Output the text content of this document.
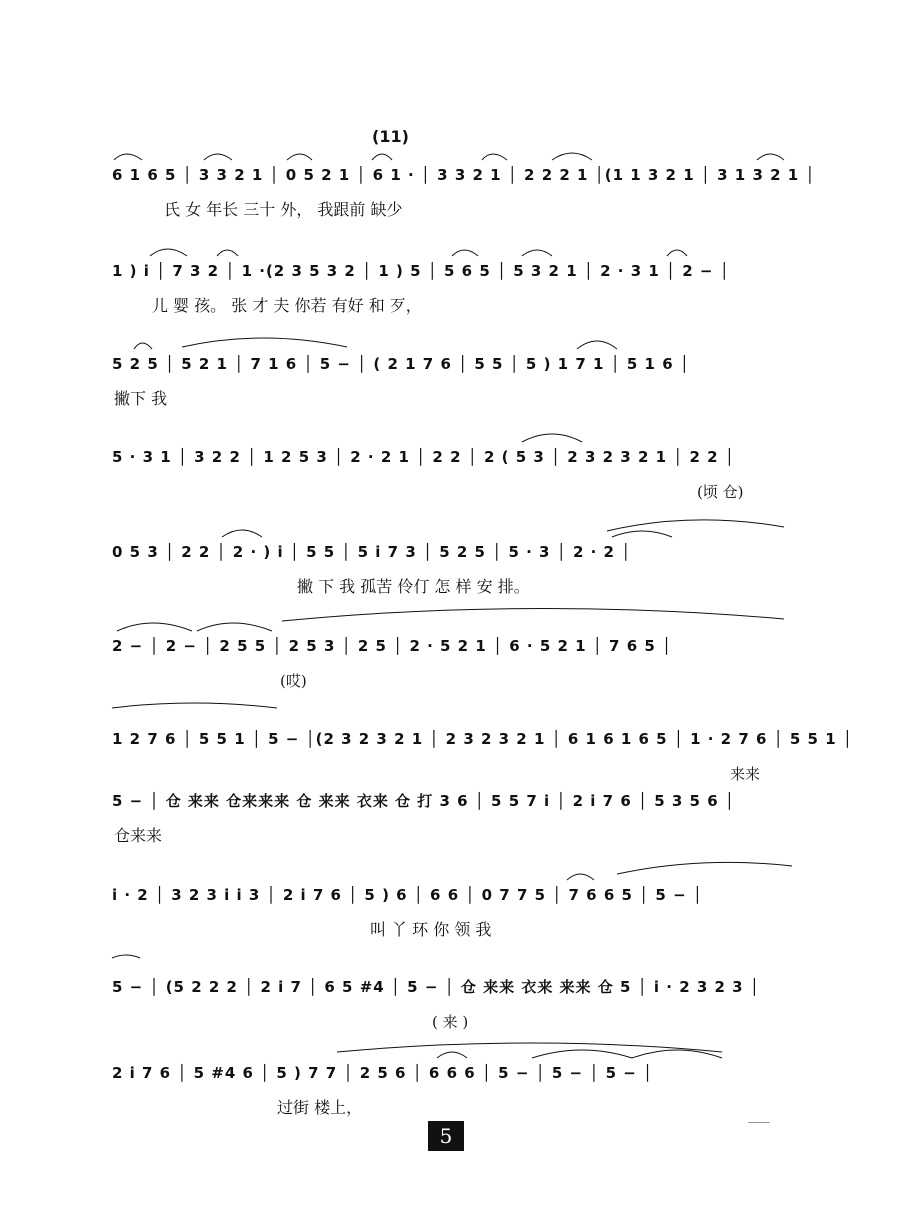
(11)
6 1 6 5 │ 3 3 2 1 │ 0 5 2 1 │ 6 1 · │ 3 3 2 1 │ 2 2 2 1 │(1 1 3 2 1 │ 3 1 3 2 1 │
氏 女 年长 三十 外， 我跟前 缺少
1 ) i │ 7 3 2 │ 1 ·(2 3 5 3 2 │ 1 ) 5 │ 5 6 5 │ 5 3 2 1 │ 2 · 3 1 │ 2 − │
儿 婴 孩。 张 才 夫 你若 有好 和 歹，
5 2 5 │ 5 2 1 │ 7 1 6 │ 5 − │ ( 2 1 7 6 │ 5 5 │ 5 ) 1 7 1 │ 5 1 6 │
撇下 我
5 · 3 1 │ 3 2 2 │ 1 2 5 3 │ 2 · 2 1 │ 2 2 │ 2 ( 5 3 │ 2 3 2 3 2 1 │ 2 2 │
(顷 仓)
0 5 3 │ 2 2 │ 2 · ) i │ 5 5 │ 5 i 7 3 │ 5 2 5 │ 5 · 3 │ 2 · 2 │
撇 下 我 孤苦 伶仃 怎 样 安 排。
2 − │ 2 − │ 2 5 5 │ 2 5 3 │ 2 5 │ 2 · 5 2 1 │ 6 · 5 2 1 │ 7 6 5 │
(哎)
1 2 7 6 │ 5 5 1 │ 5 − │(2 3 2 3 2 1 │ 2 3 2 3 2 1 │ 6 1 6 1 6 5 │ 1 · 2 7 6 │ 5 5 1 │
来来
5 − │ 仓 来来 仓来来来 仓 来来 衣来 仓 打 3 6 │ 5 5 7 i │ 2 i 7 6 │ 5 3 5 6 │
仓来来
i · 2 │ 3 2 3 i i 3 │ 2 i 7 6 │ 5 ) 6 │ 6 6 │ 0 7 7 5 │ 7 6 6 5 │ 5 − │
叫 丫 环 你 领 我
5 − │ (5 2 2 2 │ 2 i 7 │ 6 5 #4 │ 5 − │ 仓 来来 衣来 来来 仓 5 │ i · 2 3 2 3 │
( 来 )
2 i 7 6 │ 5 #4 6 │ 5 ) 7 7 │ 2 5 6 │ 6 6 6 │ 5 − │ 5 − │ 5 − │
过街 楼上，
5
